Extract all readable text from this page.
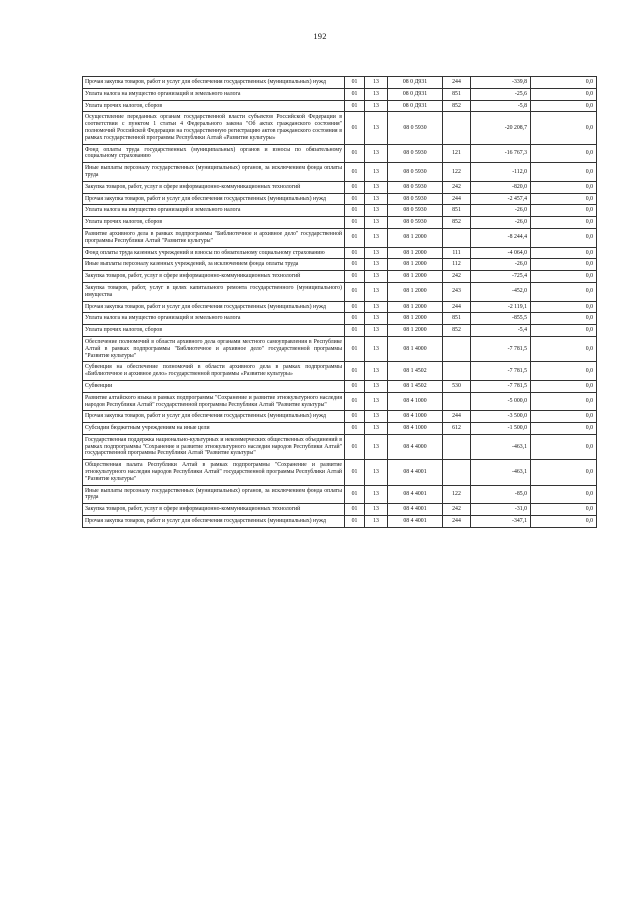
192
Прочая закупка товаров, работ и услуг для обеспечения государственных (муниципальных) нужд	01	13	08 0 Д931	244	-339,8	0,0
Уплата налога на имущество организаций и земельного налога	01	13	08 0 Д931	851	-25,6	0,0
Уплата прочих налогов, сборов	01	13	08 0 Д931	852	-5,8	0,0
Осуществление переданных органам государственной власти субъектов Российской Федерации в соответствии с пунктом 1 статьи 4 Федерального закона "Об актах гражданского состояния" полномочий Российской Федерации на государственную регистрацию актов гражданского состояния в рамках государственной программы Республики Алтай «Развитие культуры»	01	13	08 0 5930		-20 208,7	0,0
Фонд оплаты труда государственных (муниципальных) органов и взносы по обязательному социальному страхованию	01	13	08 0 5930	121	-16 767,3	0,0
Иные выплаты персоналу государственных (муниципальных) органов, за исключением фонда оплаты труда	01	13	08 0 5930	122	-112,0	0,0
Закупка товаров, работ, услуг в сфере информационно-коммуникационных технологий	01	13	08 0 5930	242	-820,0	0,0
Прочая закупка товаров, работ и услуг для обеспечения государственных (муниципальных) нужд	01	13	08 0 5930	244	-2 457,4	0,0
Уплата налога на имущество организаций и земельного налога	01	13	08 0 5930	851	-26,0	0,0
Уплата прочих налогов, сборов	01	13	08 0 5930	852	-26,0	0,0
Развитие архивного дела в рамках подпрограммы "Библиотечное и архивное дело" государственной программы Республики Алтай "Развитие культуры"	01	13	08 1 2000		-8 244,4	0,0
Фонд оплаты труда казенных учреждений и взносы по обязательному социальному страхованию	01	13	08 1 2000	111	-4 064,0	0,0
Иные выплаты персоналу казенных учреждений, за исключением фонда оплаты труда	01	13	08 1 2000	112	-26,0	0,0
Закупка товаров, работ, услуг в сфере информационно-коммуникационных технологий	01	13	08 1 2000	242	-725,4	0,0
Закупка товаров, работ, услуг в целях капитального ремонта государственного (муниципального) имущества	01	13	08 1 2000	243	-452,0	0,0
Прочая закупка товаров, работ и услуг для обеспечения государственных (муниципальных) нужд	01	13	08 1 2000	244	-2 119,1	0,0
Уплата налога на имущество организаций и земельного налога	01	13	08 1 2000	851	-855,5	0,0
Уплата прочих налогов, сборов	01	13	08 1 2000	852	-5,4	0,0
Обеспечение полномочий в области архивного дела органами местного самоуправления в Республике Алтай в рамках подпрограммы "Библиотечное и архивное дело" государственной программы "Развитие культуры"	01	13	08 1 4000		-7 781,5	0,0
Субвенция на обеспечение полномочий в области архивного дела в рамках подпрограммы «Библиотечное и архивное дело» государственной программы «Развитие культуры»	01	13	08 1 4502		-7 781,5	0,0
Субвенции	01	13	08 1 4502	530	-7 781,5	0,0
Развитие алтайского языка в рамках подпрограммы "Сохранение и развитие этнокультурного наследия народов Республики Алтай" государственной программы Республики Алтай "Развитие культуры"	01	13	08 4 1000		-5 000,0	0,0
Прочая закупка товаров, работ и услуг для обеспечения государственных (муниципальных) нужд	01	13	08 4 1000	244	-3 500,0	0,0
Субсидии бюджетным учреждениям на иные цели	01	13	08 4 1000	612	-1 500,0	0,0
Государственная поддержка национально-культурных и некоммерческих общественных объединений в рамках подпрограммы "Сохранение и развитие этнокультурного наследия народов Республики Алтай" государственной программы Республики Алтай "Развитие культуры"	01	13	08 4 4000		-463,1	0,0
Общественная палата Республики Алтай в рамках подпрограммы "Сохранение и развитие этнокультурного наследия народов Республики Алтай" государственной программы Республики Алтай "Развитие культуры"	01	13	08 4 4001		-463,1	0,0
Иные выплаты персоналу государственных (муниципальных) органов, за исключением фонда оплаты труда	01	13	08 4 4001	122	-85,0	0,0
Закупка товаров, работ, услуг в сфере информационно-коммуникационных технологий	01	13	08 4 4001	242	-31,0	0,0
Прочая закупка товаров, работ и услуг для обеспечения государственных (муниципальных) нужд	01	13	08 4 4001	244	-347,1	0,0
